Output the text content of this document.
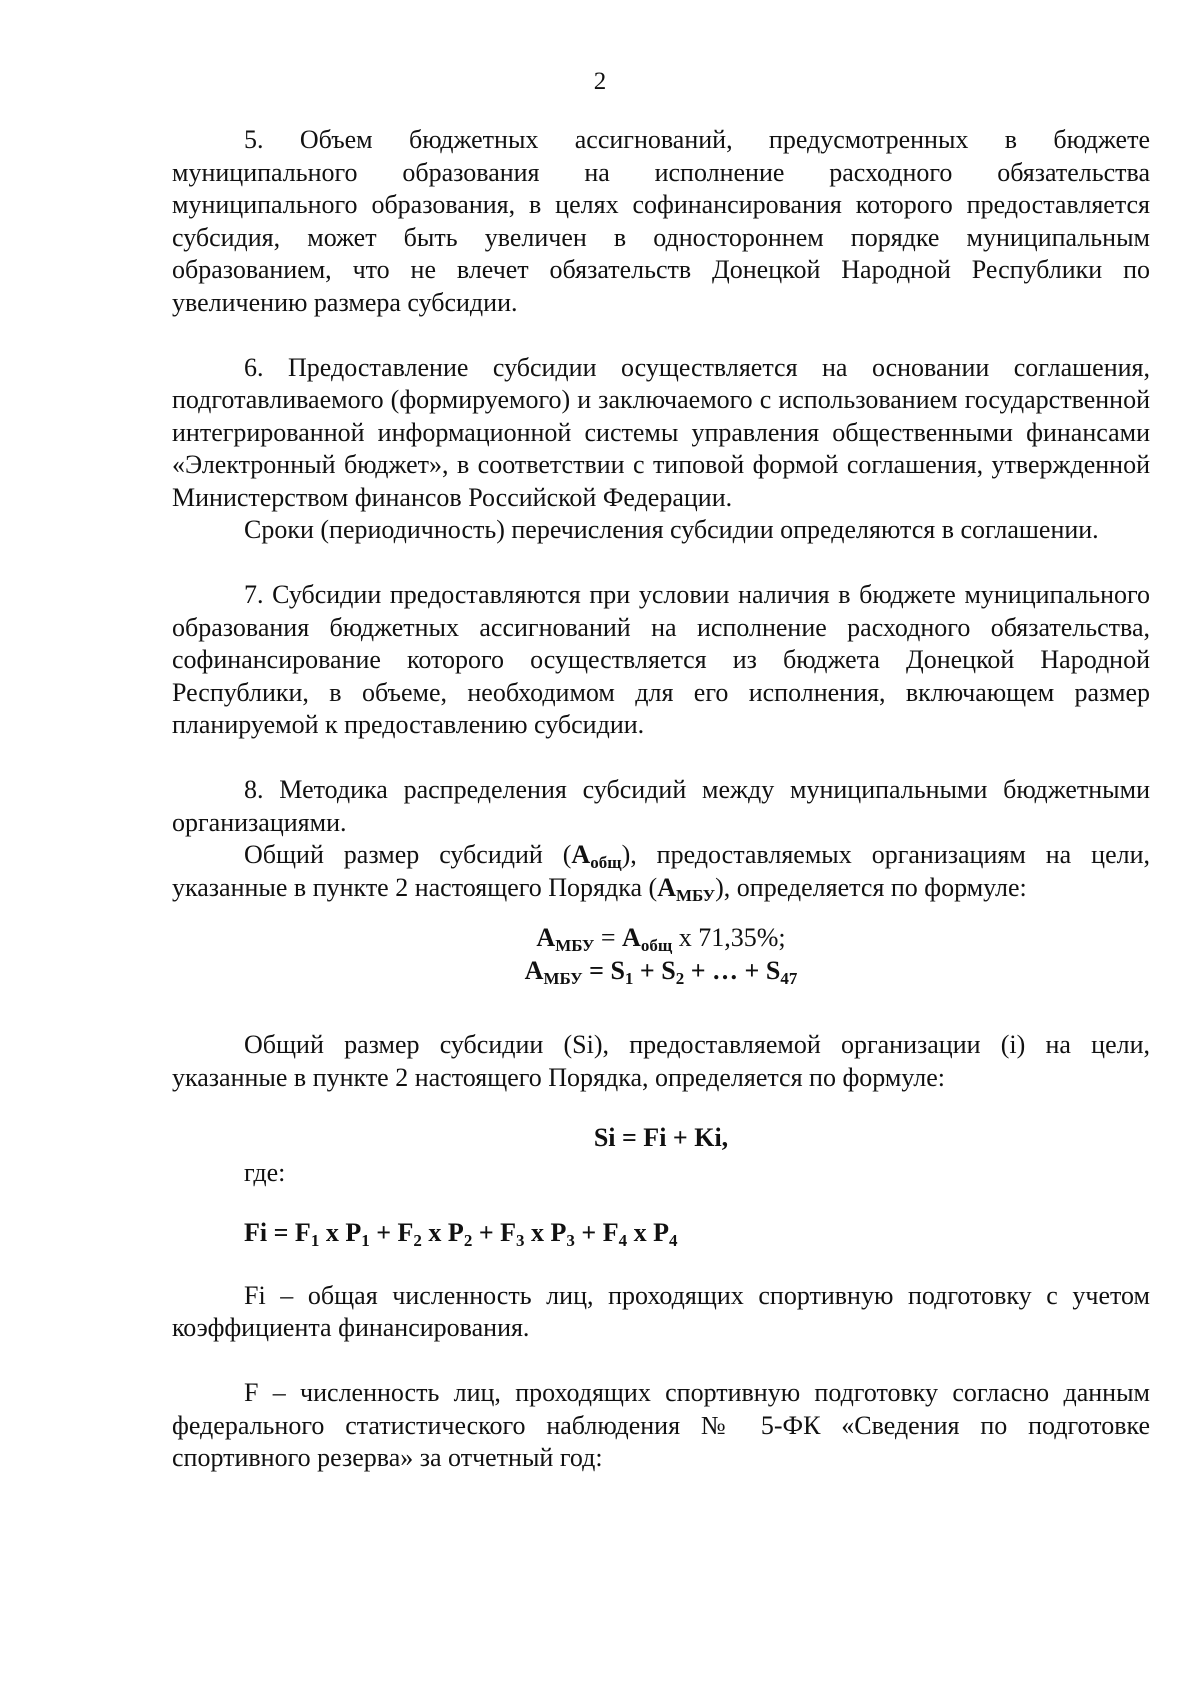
2

5. Объем бюджетных ассигнований, предусмотренных в бюджете муниципального образования на исполнение расходного обязательства муниципального образования, в целях софинансирования которого предоставляется субсидия, может быть увеличен в одностороннем порядке муниципальным образованием, что не влечет обязательств Донецкой Народной Республики по увеличению размера субсидии.

6. Предоставление субсидии осуществляется на основании соглашения, подготавливаемого (формируемого) и заключаемого с использованием государственной интегрированной информационной системы управления общественными финансами «Электронный бюджет», в соответствии с типовой формой соглашения, утвержденной Министерством финансов Российской Федерации.

Сроки (периодичность) перечисления субсидии определяются в соглашении.

7. Субсидии предоставляются при условии наличия в бюджете муниципального образования бюджетных ассигнований на исполнение расходного обязательства, софинансирование которого осуществляется из бюджета Донецкой Народной Республики, в объеме, необходимом для его исполнения, включающем размер планируемой к предоставлению субсидии.

8. Методика распределения субсидий между муниципальными бюджетными организациями.

Общий размер субсидий $(А_{общ})$, предоставляемых организациям на цели, указанные в пункте 2 настоящего Порядка $(А_{МБУ})$, определяется по формуле:

$А_{МБУ} = А_{общ}$ х 71,35%;

$А_{МБУ} = S_1 + S_2$ + … + $S_{47}$

Общий размер субсидии (Si), предоставляемой организации (i) на цели, указанные в пункте 2 настоящего Порядка, определяется по формуле:

Si = Fi + Ki,

где:

$Fi = F_1$ х $P_1 + F_2$ х $P_2 + F_3$ х $P_3 + F_4$ х $P_4$

Fi – общая численность лиц, проходящих спортивную подготовку с учетом коэффициента финансирования.

F – численность лиц, проходящих спортивную подготовку согласно данным федерального статистического наблюдения № 5-ФК «Сведения по подготовке спортивного резерва» за отчетный год:
